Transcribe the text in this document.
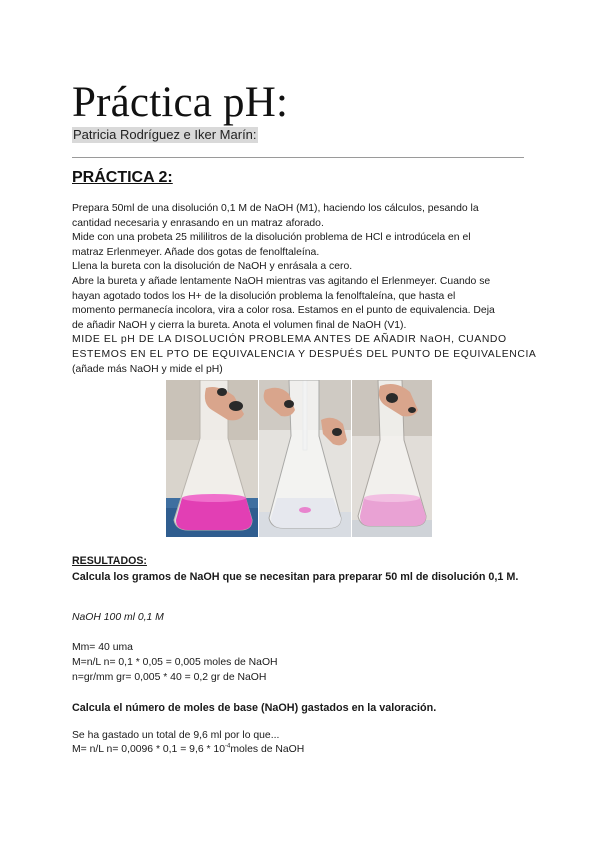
Práctica pH:
Patricia Rodríguez e Iker Marín:
PRÁCTICA 2:
Prepara 50ml de una disolución 0,1 M de NaOH (M1), haciendo los cálculos, pesando la
cantidad necesaria y enrasando en un matraz aforado.
Mide con una probeta 25 mililitros de la disolución problema de HCl e introdúcela en el
matraz Erlenmeyer. Añade dos gotas de fenolftaleína.
Llena la bureta con la disolución de NaOH y enrásala a cero.
Abre la bureta y añade lentamente NaOH mientras vas agitando el Erlenmeyer. Cuando se
hayan agotado todos los H+ de la disolución problema la fenolftaleína, que hasta el
momento permanecía incolora, vira a color rosa. Estamos en el punto de equivalencia. Deja
de añadir NaOH y cierra la bureta. Anota el volumen final de NaOH (V1).
MIDE EL pH DE LA DISOLUCIÓN PROBLEMA ANTES DE AÑADIR NaOH, CUANDO
ESTEMOS EN EL PTO DE EQUIVALENCIA Y DESPUÉS DEL PUNTO DE EQUIVALENCIA
(añade más NaOH y mide el pH)
RESULTADOS:
Calcula los gramos de NaOH que se necesitan para preparar 50 ml de disolución 0,1 M.
NaOH 100 ml 0,1 M
Mm= 40 uma
M=n/L n= 0,1 * 0,05 = 0,005 moles de NaOH
n=gr/mm gr= 0,005 * 40 = 0,2 gr de NaOH
Calcula el número de moles de base (NaOH) gastados en la valoración.
Se ha gastado un total de 9,6 ml por lo que...
M= n/L $n= 0,0096 * 0,1 = 9,6 * 10^{-4}moles$ de NaOH
